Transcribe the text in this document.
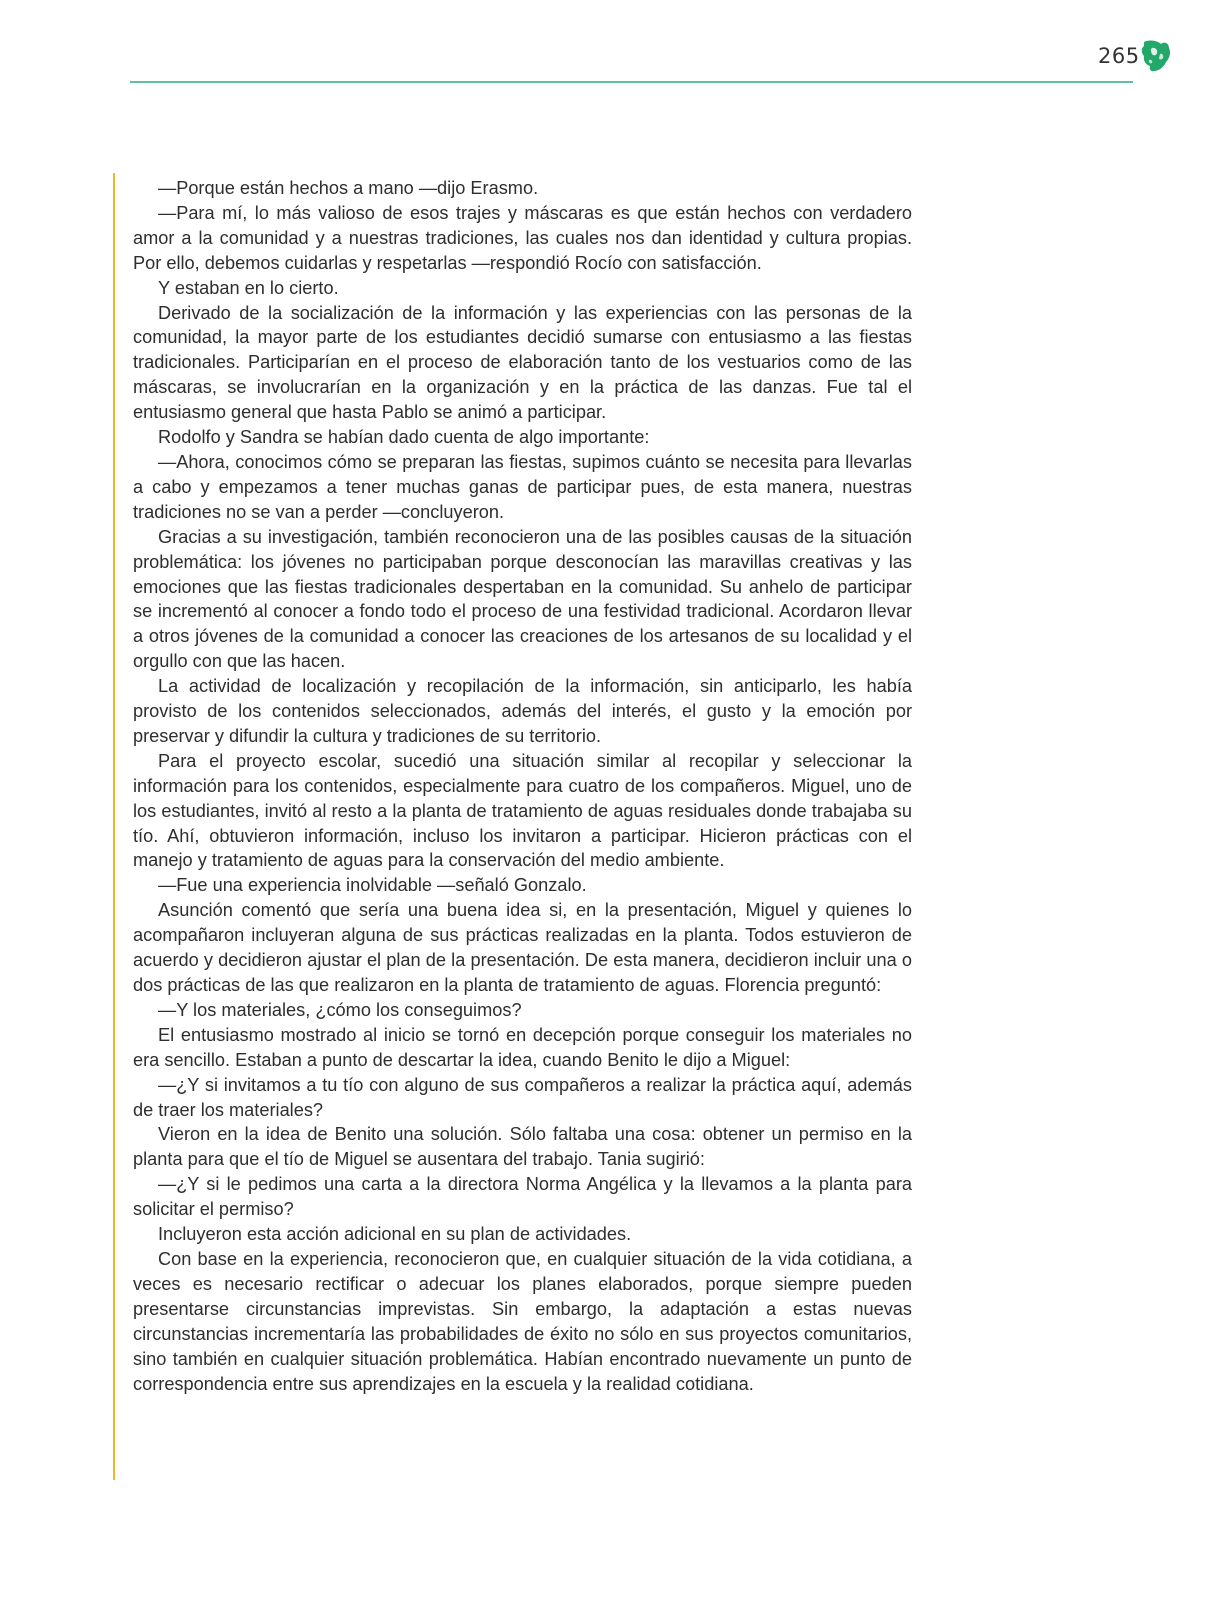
265

—Porque están hechos a mano —dijo Erasmo.

—Para mí, lo más valioso de esos trajes y máscaras es que están hechos con verdadero amor a la comunidad y a nuestras tradiciones, las cuales nos dan identidad y cultura propias. Por ello, debemos cuidarlas y respetarlas —respondió Rocío con satisfacción.

Y estaban en lo cierto.

Derivado de la socialización de la información y las experiencias con las personas de la comunidad, la mayor parte de los estudiantes decidió sumarse con entusiasmo a las fiestas tradicionales. Participarían en el proceso de elaboración tanto de los vestuarios como de las máscaras, se involucrarían en la organización y en la práctica de las danzas. Fue tal el entusiasmo general que hasta Pablo se animó a participar.

Rodolfo y Sandra se habían dado cuenta de algo importante:

—Ahora, conocimos cómo se preparan las fiestas, supimos cuánto se necesita para llevarlas a cabo y empezamos a tener muchas ganas de participar pues, de esta manera, nuestras tradiciones no se van a perder —concluyeron.

Gracias a su investigación, también reconocieron una de las posibles causas de la situación problemática: los jóvenes no participaban porque desconocían las maravillas creativas y las emociones que las fiestas tradicionales despertaban en la comunidad. Su anhelo de participar se incrementó al conocer a fondo todo el proceso de una festividad tradicional. Acordaron llevar a otros jóvenes de la comunidad a conocer las creaciones de los artesanos de su localidad y el orgullo con que las hacen.

La actividad de localización y recopilación de la información, sin anticiparlo, les había provisto de los contenidos seleccionados, además del interés, el gusto y la emoción por preservar y difundir la cultura y tradiciones de su territorio.

Para el proyecto escolar, sucedió una situación similar al recopilar y seleccionar la información para los contenidos, especialmente para cuatro de los compañeros. Miguel, uno de los estudiantes, invitó al resto a la planta de tratamiento de aguas residuales donde trabajaba su tío. Ahí, obtuvieron información, incluso los invitaron a participar. Hicieron prácticas con el manejo y tratamiento de aguas para la conservación del medio ambiente.

—Fue una experiencia inolvidable —señaló Gonzalo.

Asunción comentó que sería una buena idea si, en la presentación, Miguel y quienes lo acompañaron incluyeran alguna de sus prácticas realizadas en la planta. Todos estuvieron de acuerdo y decidieron ajustar el plan de la presentación. De esta manera, decidieron incluir una o dos prácticas de las que realizaron en la planta de tratamiento de aguas. Florencia preguntó:

—Y los materiales, ¿cómo los conseguimos?

El entusiasmo mostrado al inicio se tornó en decepción porque conseguir los materiales no era sencillo. Estaban a punto de descartar la idea, cuando Benito le dijo a Miguel:

—¿Y si invitamos a tu tío con alguno de sus compañeros a realizar la práctica aquí, además de traer los materiales?

Vieron en la idea de Benito una solución. Sólo faltaba una cosa: obtener un permiso en la planta para que el tío de Miguel se ausentara del trabajo. Tania sugirió:

—¿Y si le pedimos una carta a la directora Norma Angélica y la llevamos a la planta para solicitar el permiso?

Incluyeron esta acción adicional en su plan de actividades.

Con base en la experiencia, reconocieron que, en cualquier situación de la vida cotidiana, a veces es necesario rectificar o adecuar los planes elaborados, porque siempre pueden presentarse circunstancias imprevistas. Sin embargo, la adaptación a estas nuevas circunstancias incrementaría las probabilidades de éxito no sólo en sus proyectos comunitarios, sino también en cualquier situación problemática. Habían encontrado nuevamente un punto de correspondencia entre sus aprendizajes en la escuela y la realidad cotidiana.
